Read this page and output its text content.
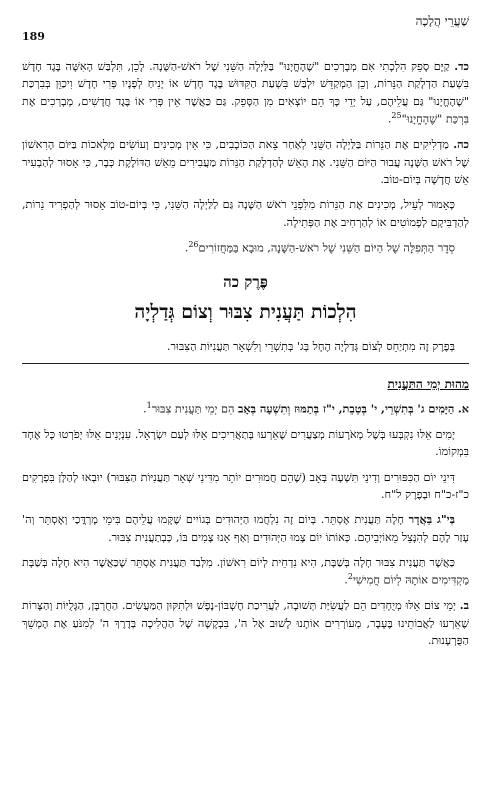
שַׁעֲרֵי הֲלָכָה
189

כד. קַיָּם סָפֵק הִלְכָתִי אִם מְבָרְכִים "שֶׁהֶחֱיָנוּ" בַּלַּיְלָה הַשֵּׁנִי שֶׁל רֹאשׁ-הַשָּׁנָה. לָכֵן, תִּלְבַּשׁ הָאִשָּׁה בֶּגֶד חָדָשׁ בִּשְׁעַת הַדְלָקַת הַנֵּרוֹת, וְכֵן הַמְקַדֵּשׁ יִלְבַּשׁ בִּשְׁעַת הַקִּדּוּשׁ בֶּגֶד חָדָשׁ אוֹ יָנִיחַ לְפָנָיו פְּרִי חָדָשׁ וִיכַוֵּן בְּבִרְכַּת "שֶׁהֶחֱיָנוּ" גַּם עֲלֵיהֶם, עַל יְדֵי כָּךְ הֵם יוֹצְאִים מִן הַסָּפֵק. גַּם כַּאֲשֶׁר אֵין פְּרִי אוֹ בֶּגֶד חֲדָשִׁים, מְבָרְכִים אֶת בִּרְכַּת "שֶׁהֶחֱיָנוּ"$^{25}$.

כה. מַדְלִיקִים אֶת הַנֵּרוֹת בַּלַּיְלָה הַשֵּׁנִי לְאַחַר צֵאת הַכּוֹכָבִים, כִּי אֵין מְכִינִים וְעוֹשִׂים מְלָאכוֹת בַּיּוֹם הָרִאשׁוֹן שֶׁל רֹאשׁ הַשָּׁנָה עֲבוּר הַיּוֹם הַשֵּׁנִי. אֶת הָאֵשׁ לְהַדְלָקַת הַנֵּרוֹת מַעֲבִירִים מֵאֵשׁ הַדּוֹלֶקֶת כְּבָר, כִּי אָסוּר לְהַבְעִיר אֵשׁ חֲדָשָׁה בְּיוֹם-טוֹב.

כָּאָמוּר לְעֵיל, מְכִינִים אֶת הַנֵּרוֹת מִלִּפְנֵי רֹאשׁ הַשָּׁנָה גַּם לַלַּיְלָה הַשֵּׁנִי, כִּי בְּיוֹם-טוֹב אָסוּר לְהַפְרִיד נֵרוֹת, לְהַדְבִּיקָם לְפָמוֹטִים אוֹ לְהַרְחִיב אֶת הַפְּתִילָה.

סֵדֶר הַתְּפִלָּה שֶׁל הַיּוֹם הַשֵּׁנִי שֶׁל רֹאשׁ-הַשָּׁנָה, מוּבָא בַּמַּחֲזוֹרִים$^{26}$.

פֶּרֶק כה
הִלְכוֹת תַּעֲנִית צִבּוּר וְצוֹם גְּדַלְיָה

בְּפֶרֶק זֶה מִתְיַחֵס לְצוֹם גְּדַלְיָה הֶחָל בְּג' בְּתִשְׁרֵי וְלִשְׁאָר תַּעֲנִיּוֹת הַצִּבּוּר.

מַהוּת יְמֵי הַתַּעֲנִית

א. הַיָּמִים ג' בְּתִשְׁרֵי, י' בְּטֵבֵת, י"ז בְּתַמּוּז וְתִשְׁעָה בְּאָב הֵם יְמֵי תַּעֲנִית צִבּוּר$^1$.

יָמִים אֵלּוּ נִקְבְּעוּ בְּשֶׁל מְאֹרָעוֹת מְצַעֲרִים שֶׁאֵרְעוּ בְּתַאֲרִיכִים אֵלּוּ לְעַם יִשְׂרָאֵל. עִנְיָנִים אֵלּוּ יְפֹרְטוּ כָּל אֶחָד בִּמְקוֹמוֹ.

דִּינֵי יוֹם הַכִּפּוּרִים וְדִינֵי תִּשְׁעָה בְּאָב (שֶׁהֵם חֲמוּרִים יוֹתֵר מִדִּינֵי שְׁאָר תַּעֲנִיּוֹת הַצִּבּוּר) יוּבְאוּ לְהַלָּן בִּפְרָקִים כ"ז-כ"ח וּבְפֶרֶק ל"ח.

בְּי"ג בַּאֲדָר חָלָה תַּעֲנִית אֶסְתֵּר. בְּיוֹם זֶה נִלְחֲמוּ הַיְּהוּדִים בְּגוֹיִים שֶׁקָּמוּ עֲלֵיהֶם בִּימֵי מָרְדֳּכַי וְאֶסְתֵּר וְה' עָזַר לָהֶם לְהִנָּצֵל מֵאוֹיְבֵיהֶם. כְּאוֹתוֹ יוֹם צָמוּ הַיְּהוּדִים וְאַף אָנוּ צָמִים בּוֹ, כְּבְתַעֲנִית צִבּוּר.

כַּאֲשֶׁר תַּעֲנִית צִבּוּר חָלָה בְּשַׁבָּת, הִיא נִדְחֵית לְיוֹם רִאשׁוֹן. מִלְּבַד תַּעֲנִית אֶסְתֵּר שֶׁכַּאֲשֶׁר הִיא חָלָה בְּשַׁבָּת מַקְדִּימִים אוֹתָהּ לְיוֹם חֲמִישִׁי$^2$.

ב. יְמֵי צוֹם אֵלּוּ מְיֻחָדִים הֵם לַעֲשִׂיַּת תְּשׁוּבָה, לַעֲרִיכַת חֶשְׁבּוֹן-נֶפֶשׁ וּלְתִקּוּן הַמַּעֲשִׂים. הַחֻרְבָּן, הַגָּלֻיּוֹת וְהַצָּרוֹת שֶׁאֵרְעוּ לַאֲבוֹתֵינוּ בֶּעָבָר, מְעוֹרְרִים אוֹתָנוּ לָשׁוּב אֶל ה', בִּבְקָשָׁה שֶׁל הַהֲלִיכָה בְּדֶרֶךְ ה' לְמִנֹּעַ אֶת הֶמְשֵׁךְ הַפֻּרְעָנוּת.
